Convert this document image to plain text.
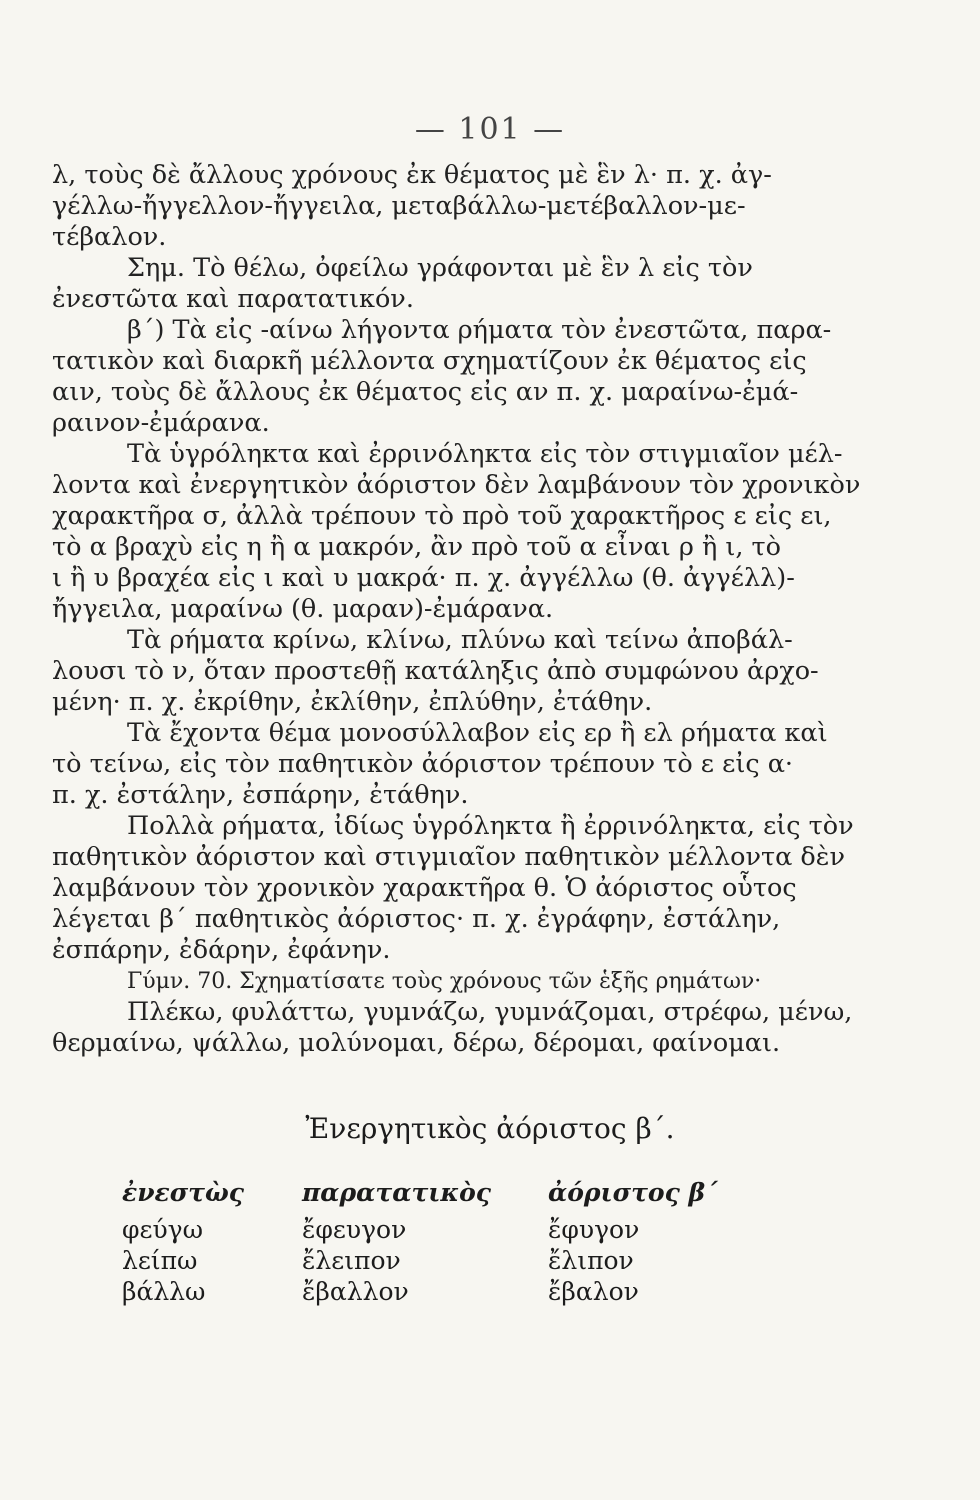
— 101 —
λ, τοὺς δὲ ἄλλους χρόνους ἐκ θέματος μὲ ἓν λ· π. χ. ἀγ-
γέλλω-ἤγγελλον-ἤγγειλα, μεταβάλλω-μετέβαλλον-με-
τέβαλον.
Σημ. Τὸ θέλω, ὀφείλω γράφονται μὲ ἓν λ εἰς τὸν
ἐνεστῶτα καὶ παρατατικόν.
β΄) Τὰ εἰς -αίνω λήγοντα ρήματα τὸν ἐνεστῶτα, παρα-
τατικὸν καὶ διαρκῆ μέλλοντα σχηματίζουν ἐκ θέματος εἰς
αιν, τοὺς δὲ ἄλλους ἐκ θέματος εἰς αν π. χ. μαραίνω-ἐμά-
ραινον-ἐμάρανα.
Τὰ ὑγρόληκτα καὶ ἐρρινόληκτα εἰς τὸν στιγμιαῖον μέλ-
λοντα καὶ ἐνεργητικὸν ἀόριστον δὲν λαμβάνουν τὸν χρονικὸν
χαρακτῆρα σ, ἀλλὰ τρέπουν τὸ πρὸ τοῦ χαρακτῆρος ε εἰς ει,
τὸ α βραχὺ εἰς η ἢ α μακρόν, ἂν πρὸ τοῦ α εἶναι ρ ἢ ι, τὸ
ι ἢ υ βραχέα εἰς ι καὶ υ μακρά· π. χ. ἀγγέλλω (θ. ἀγγέλλ)-
ἤγγειλα, μαραίνω (θ. μαραν)-ἐμάρανα.
Τὰ ρήματα κρίνω, κλίνω, πλύνω καὶ τείνω ἀποβάλ-
λουσι τὸ ν, ὅταν προστεθῇ κατάληξις ἀπὸ συμφώνου ἀρχο-
μένη· π. χ. ἐκρίθην, ἐκλίθην, ἐπλύθην, ἐτάθην.
Τὰ ἔχοντα θέμα μονοσύλλαβον εἰς ερ ἢ ελ ρήματα καὶ
τὸ τείνω, εἰς τὸν παθητικὸν ἀόριστον τρέπουν τὸ ε εἰς α·
π. χ. ἐστάλην, ἐσπάρην, ἐτάθην.
Πολλὰ ρήματα, ἰδίως ὑγρόληκτα ἢ ἐρρινόληκτα, εἰς τὸν
παθητικὸν ἀόριστον καὶ στιγμιαῖον παθητικὸν μέλλοντα δὲν
λαμβάνουν τὸν χρονικὸν χαρακτῆρα θ. Ὁ ἀόριστος οὗτος
λέγεται β΄ παθητικὸς ἀόριστος· π. χ. ἐγράφην, ἐστάλην,
ἐσπάρην, ἐδάρην, ἐφάνην.
Γύμν. 70. Σχηματίσατε τοὺς χρόνους τῶν ἑξῆς ρημάτων·
Πλέκω, φυλάττω, γυμνάζω, γυμνάζομαι, στρέφω, μένω,
θερμαίνω, ψάλλω, μολύνομαι, δέρω, δέρομαι, φαίνομαι.
Ἐνεργητικὸς ἀόριστος β΄.
ἐνεστὼς
φεύγω
λείπω
βάλλω
παρατατικὸς
ἔφευγον
ἔλειπον
ἔβαλλον
ἀόριστος β΄
ἔφυγον
ἔλιπον
ἔβαλον
